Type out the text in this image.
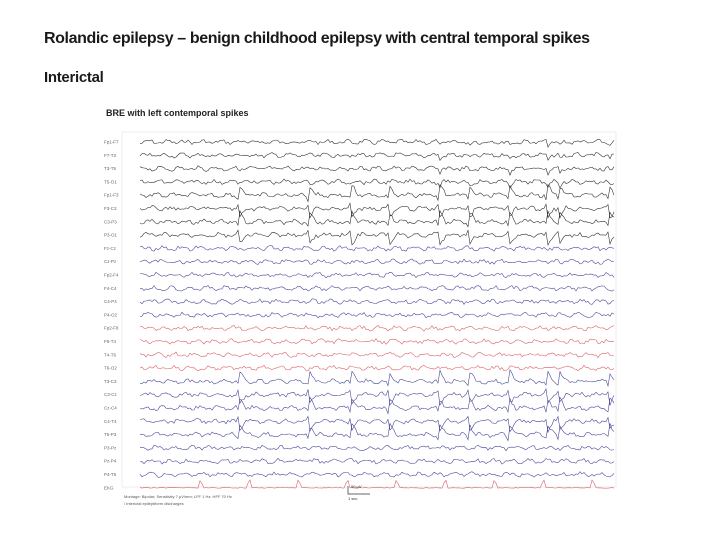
Rolandic epilepsy – benign childhood epilepsy with central temporal spikes
Interictal
Fp1-F7
F7-T3
T3-T5
T5-O1
Fp1-F3
F3-C3
C3-P3
P3-O1
Fz-Cz
Cz-Pz
Fp2-F4
F4-C4
C4-P4
P4-O2
Fp2-F8
F8-T4
T4-T6
T6-O2
T3-C3
C3-Cz
Cz-C4
C4-T4
T5-P3
P3-Pz
Pz-P4
P4-T6
EKG	50 μV
1 sec
BRE with left contemporal spikes
Montage: Bipolar; Sensitivity 7 μV/mm; LFF 1 Hz; HFF 70 Hz
/ Interictal epileptiform discharges
